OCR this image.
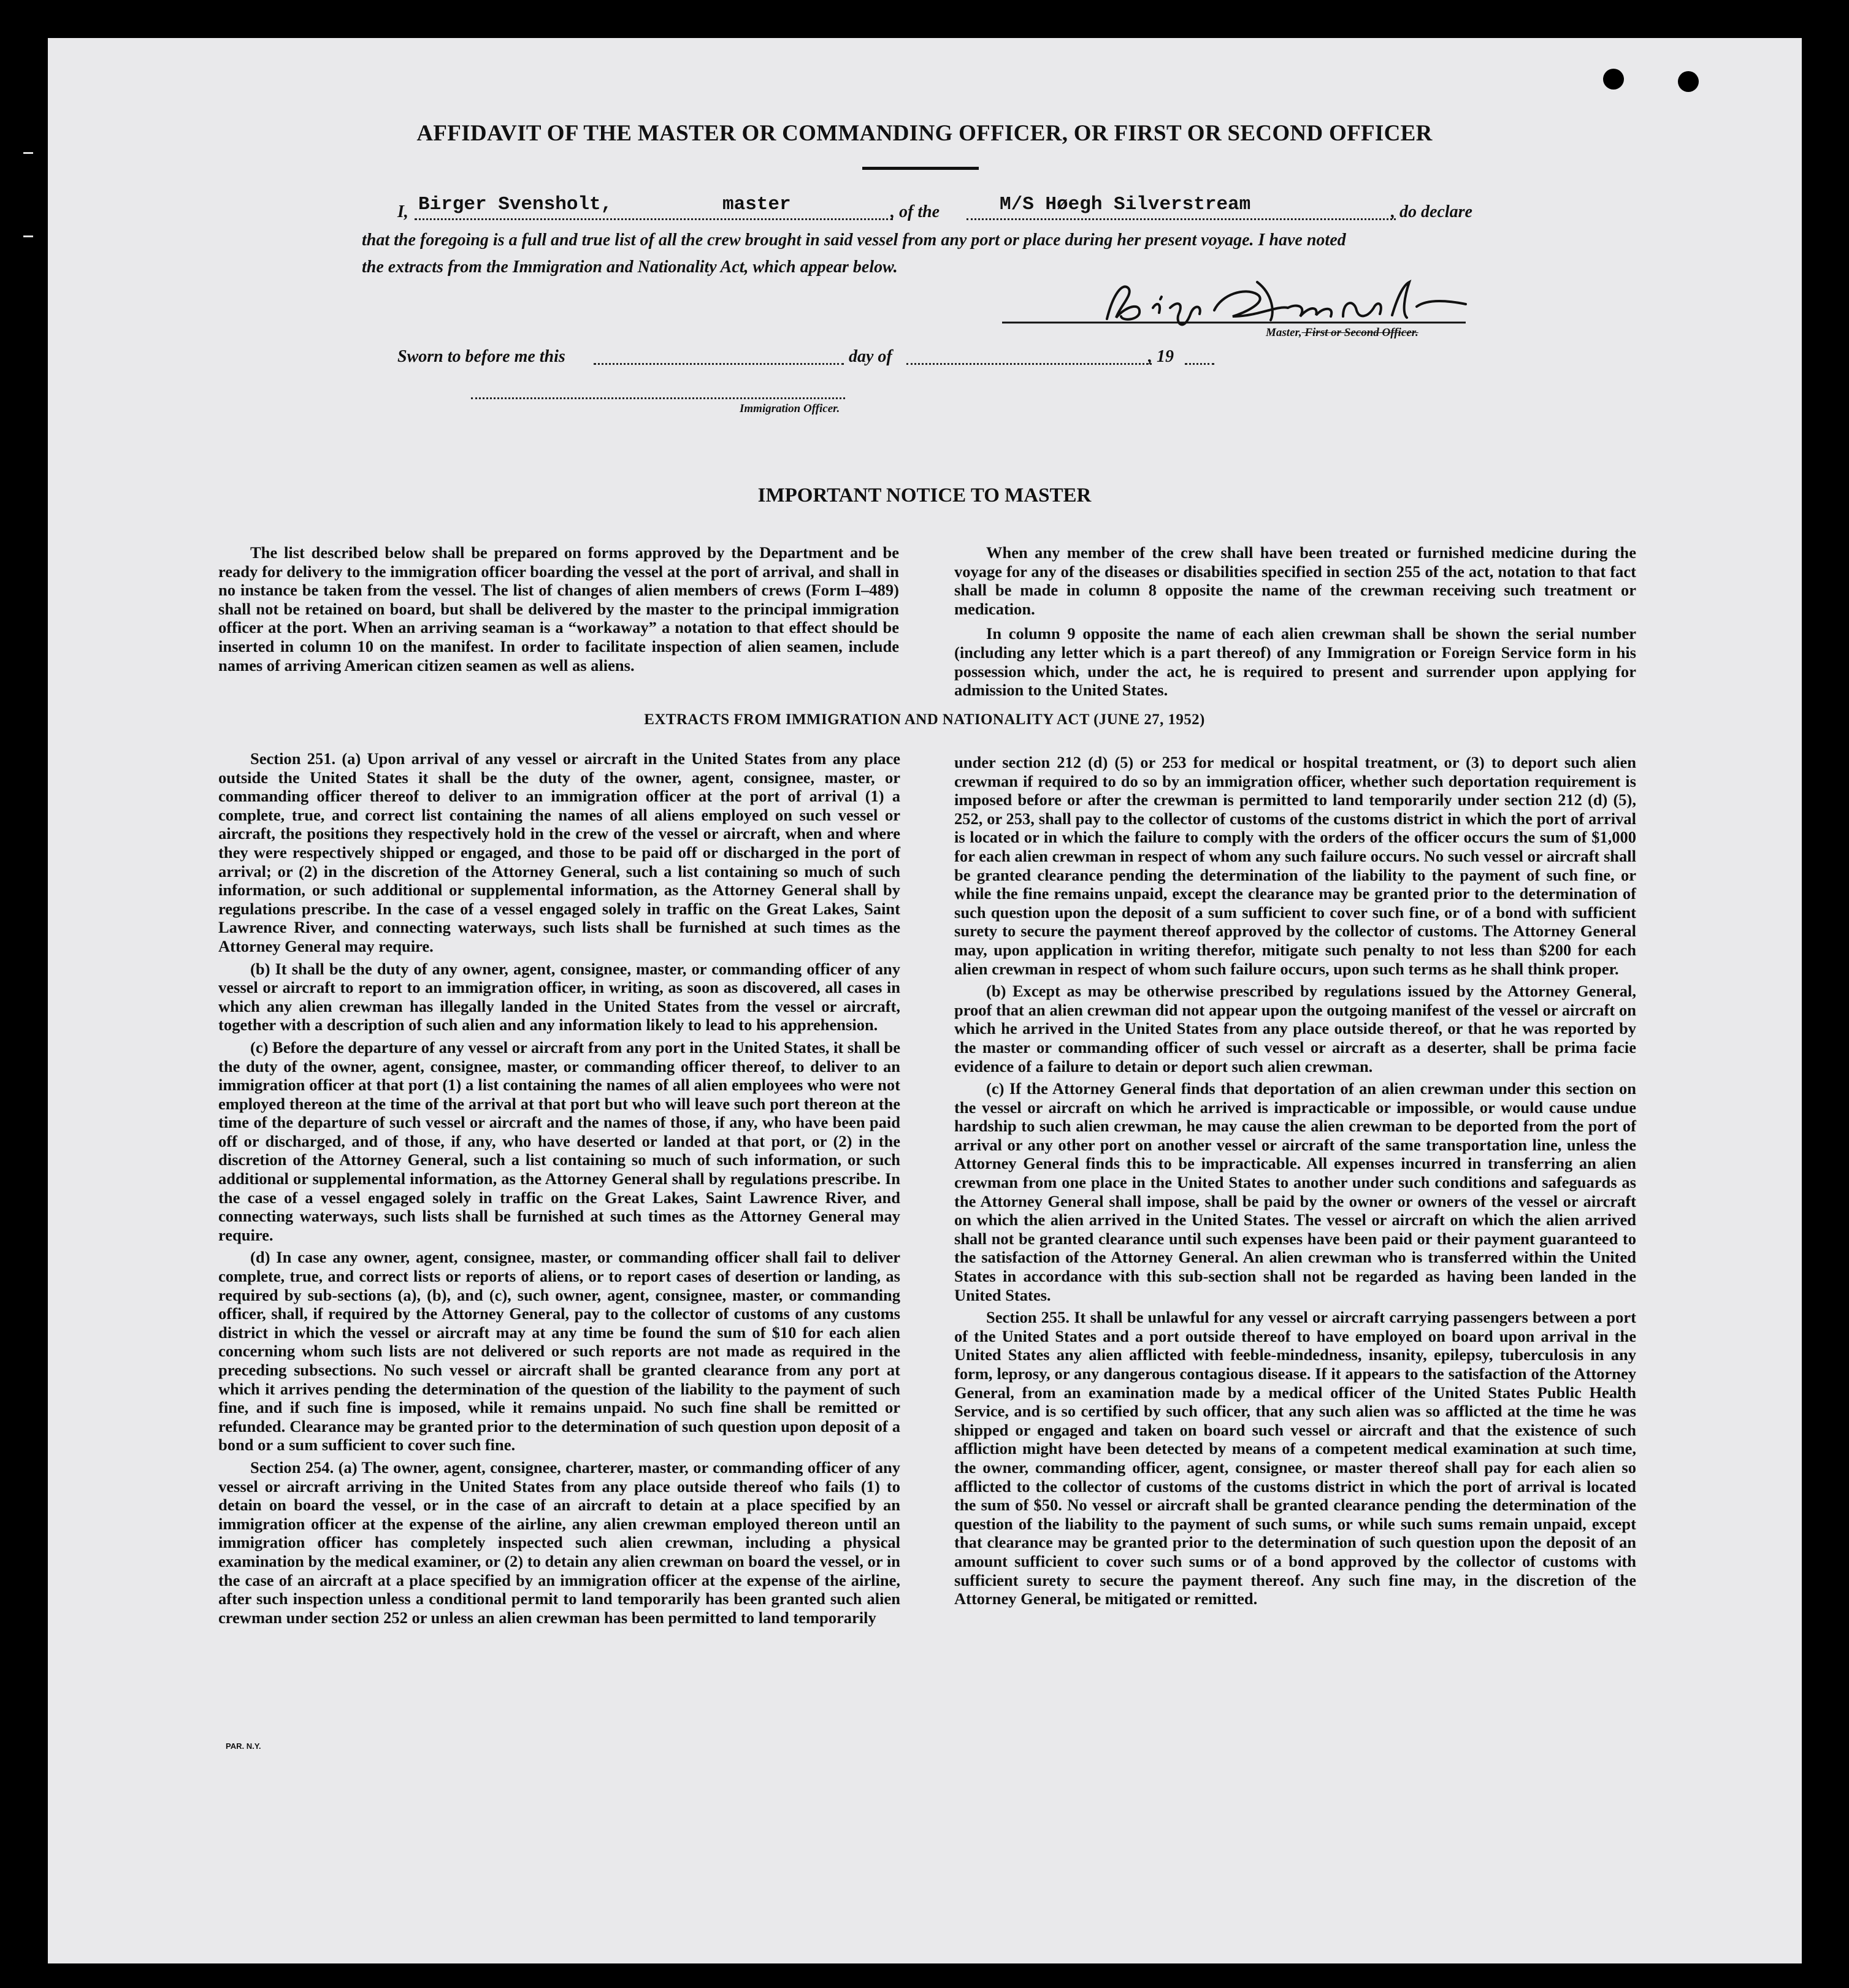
AFFIDAVIT OF THE MASTER OR COMMANDING OFFICER, OR FIRST OR SECOND OFFICER
I, Birger Svensholt,	master	, of the	M/S Høegh Silverstream	, do declare
that the foregoing is a full and true list of all the crew brought in said vessel from any port or place during her present voyage. I have noted
the extracts from the Immigration and Nationality Act, which appear below.
Master, First or Second Officer.
Sworn to before me this	day of	, 19
Immigration Officer.
IMPORTANT NOTICE TO MASTER

The list described below shall be prepared on forms approved by the Department and be ready for delivery to the immigration officer boarding the vessel at the port of arrival, and shall in no instance be taken from the vessel. The list of changes of alien members of crews (Form I–489) shall not be retained on board, but shall be delivered by the master to the principal immigration officer at the port. When an arriving seaman is a “workaway” a notation to that effect should be inserted in column 10 on the manifest. In order to facilitate inspection of alien seamen, include names of arriving American citizen seamen as well as aliens.

When any member of the crew shall have been treated or furnished medicine during the voyage for any of the diseases or disabilities specified in section 255 of the act, notation to that fact shall be made in column 8 opposite the name of the crewman receiving such treatment or medication.

In column 9 opposite the name of each alien crewman shall be shown the serial number (including any letter which is a part thereof) of any Immigration or Foreign Service form in his possession which, under the act, he is required to present and surrender upon applying for admission to the United States.

EXTRACTS FROM IMMIGRATION AND NATIONALITY ACT (JUNE 27, 1952)

Section 251. (a) Upon arrival of any vessel or aircraft in the United States from any place outside the United States it shall be the duty of the owner, agent, consignee, master, or commanding officer thereof to deliver to an immigration officer at the port of arrival (1) a complete, true, and correct list containing the names of all aliens employed on such vessel or aircraft, the positions they respectively hold in the crew of the vessel or aircraft, when and where they were respectively shipped or engaged, and those to be paid off or discharged in the port of arrival; or (2) in the discretion of the Attorney General, such a list containing so much of such information, or such additional or supplemental information, as the Attorney General shall by regulations prescribe. In the case of a vessel engaged solely in traffic on the Great Lakes, Saint Lawrence River, and connecting waterways, such lists shall be furnished at such times as the Attorney General may require.

(b) It shall be the duty of any owner, agent, consignee, master, or commanding officer of any vessel or aircraft to report to an immigration officer, in writing, as soon as discovered, all cases in which any alien crewman has illegally landed in the United States from the vessel or aircraft, together with a description of such alien and any information likely to lead to his apprehension.

(c) Before the departure of any vessel or aircraft from any port in the United States, it shall be the duty of the owner, agent, consignee, master, or commanding officer thereof, to deliver to an immigration officer at that port (1) a list containing the names of all alien employees who were not employed thereon at the time of the arrival at that port but who will leave such port thereon at the time of the departure of such vessel or aircraft and the names of those, if any, who have been paid off or discharged, and of those, if any, who have deserted or landed at that port, or (2) in the discretion of the Attorney General, such a list containing so much of such information, or such additional or supplemental information, as the Attorney General shall by regulations prescribe. In the case of a vessel engaged solely in traffic on the Great Lakes, Saint Lawrence River, and connecting waterways, such lists shall be furnished at such times as the Attorney General may require.

(d) In case any owner, agent, consignee, master, or commanding officer shall fail to deliver complete, true, and correct lists or reports of aliens, or to report cases of desertion or landing, as required by sub-sections (a), (b), and (c), such owner, agent, consignee, master, or commanding officer, shall, if required by the Attorney General, pay to the collector of customs of any customs district in which the vessel or aircraft may at any time be found the sum of $10 for each alien concerning whom such lists are not delivered or such reports are not made as required in the preceding subsections. No such vessel or aircraft shall be granted clearance from any port at which it arrives pending the determination of the question of the liability to the payment of such fine, and if such fine is imposed, while it remains unpaid. No such fine shall be remitted or refunded. Clearance may be granted prior to the determination of such question upon deposit of a bond or a sum sufficient to cover such fine.

Section 254. (a) The owner, agent, consignee, charterer, master, or commanding officer of any vessel or aircraft arriving in the United States from any place outside thereof who fails (1) to detain on board the vessel, or in the case of an aircraft to detain at a place specified by an immigration officer at the expense of the airline, any alien crewman employed thereon until an immigration officer has completely inspected such alien crewman, including a physical examination by the medical examiner, or (2) to detain any alien crewman on board the vessel, or in the case of an aircraft at a place specified by an immigration officer at the expense of the airline, after such inspection unless a conditional permit to land temporarily has been granted such alien crewman under section 252 or unless an alien crewman has been permitted to land temporarily

under section 212 (d) (5) or 253 for medical or hospital treatment, or (3) to deport such alien crewman if required to do so by an immigration officer, whether such deportation requirement is imposed before or after the crewman is permitted to land temporarily under section 212 (d) (5), 252, or 253, shall pay to the collector of customs of the customs district in which the port of arrival is located or in which the failure to comply with the orders of the officer occurs the sum of $1,000 for each alien crewman in respect of whom any such failure occurs. No such vessel or aircraft shall be granted clearance pending the determination of the liability to the payment of such fine, or while the fine remains unpaid, except the clearance may be granted prior to the determination of such question upon the deposit of a sum sufficient to cover such fine, or of a bond with sufficient surety to secure the payment thereof approved by the collector of customs. The Attorney General may, upon application in writing therefor, mitigate such penalty to not less than $200 for each alien crewman in respect of whom such failure occurs, upon such terms as he shall think proper.

(b) Except as may be otherwise prescribed by regulations issued by the Attorney General, proof that an alien crewman did not appear upon the outgoing manifest of the vessel or aircraft on which he arrived in the United States from any place outside thereof, or that he was reported by the master or commanding officer of such vessel or aircraft as a deserter, shall be prima facie evidence of a failure to detain or deport such alien crewman.

(c) If the Attorney General finds that deportation of an alien crewman under this section on the vessel or aircraft on which he arrived is impracticable or impossible, or would cause undue hardship to such alien crewman, he may cause the alien crewman to be deported from the port of arrival or any other port on another vessel or aircraft of the same transportation line, unless the Attorney General finds this to be impracticable. All expenses incurred in transferring an alien crewman from one place in the United States to another under such conditions and safeguards as the Attorney General shall impose, shall be paid by the owner or owners of the vessel or aircraft on which the alien arrived in the United States. The vessel or aircraft on which the alien arrived shall not be granted clearance until such expenses have been paid or their payment guaranteed to the satisfaction of the Attorney General. An alien crewman who is transferred within the United States in accordance with this sub-section shall not be regarded as having been landed in the United States.

Section 255. It shall be unlawful for any vessel or aircraft carrying passengers between a port of the United States and a port outside thereof to have employed on board upon arrival in the United States any alien afflicted with feeble-mindedness, insanity, epilepsy, tuberculosis in any form, leprosy, or any dangerous contagious disease. If it appears to the satisfaction of the Attorney General, from an examination made by a medical officer of the United States Public Health Service, and is so certified by such officer, that any such alien was so afflicted at the time he was shipped or engaged and taken on board such vessel or aircraft and that the existence of such affliction might have been detected by means of a competent medical examination at such time, the owner, commanding officer, agent, consignee, or master thereof shall pay for each alien so afflicted to the collector of customs of the customs district in which the port of arrival is located the sum of $50. No vessel or aircraft shall be granted clearance pending the determination of the question of the liability to the payment of such sums, or while such sums remain unpaid, except that clearance may be granted prior to the determination of such question upon the deposit of an amount sufficient to cover such sums or of a bond approved by the collector of customs with sufficient surety to secure the payment thereof. Any such fine may, in the discretion of the Attorney General, be mitigated or remitted.

PAR. N.Y.
